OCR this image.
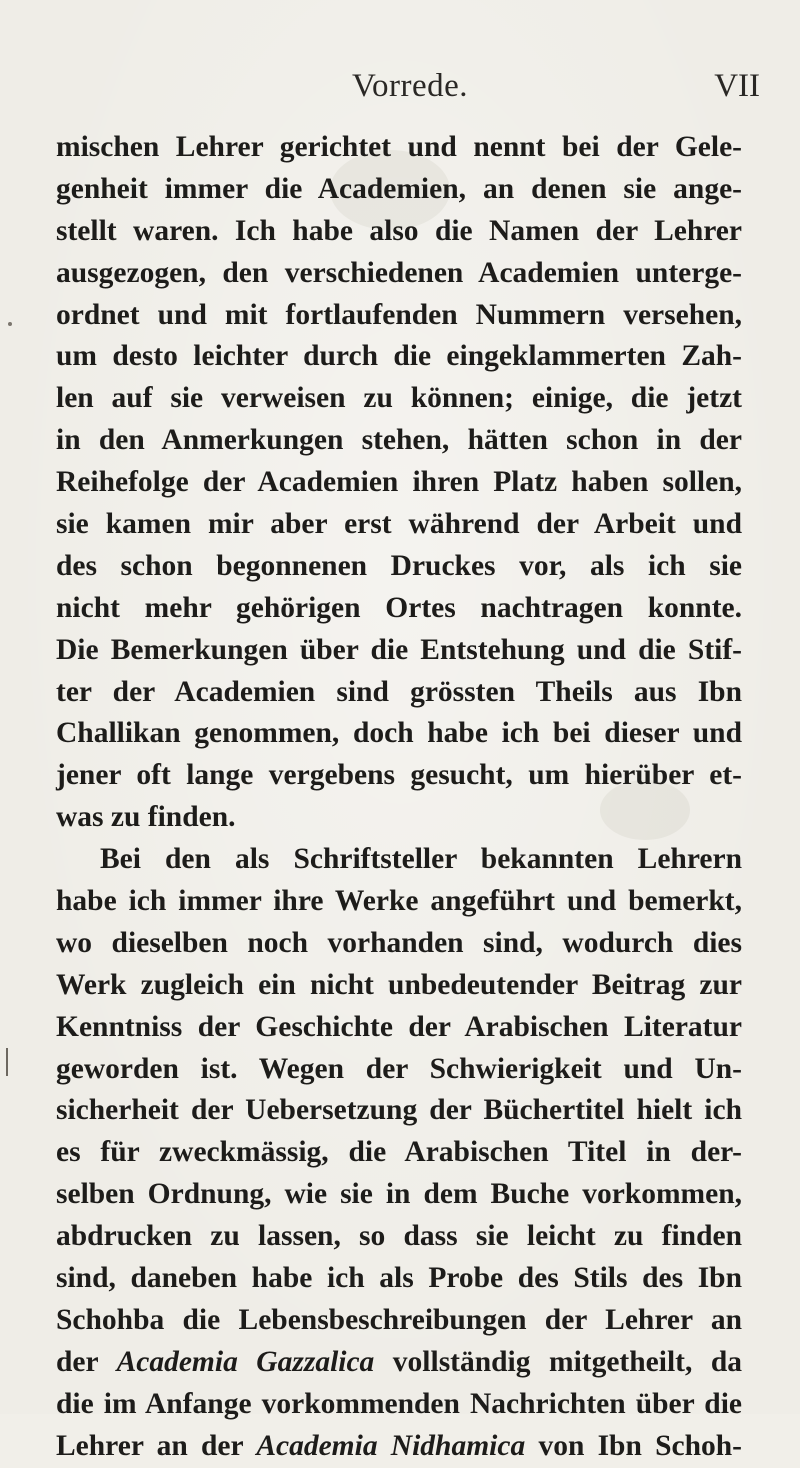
Vorrede.	VII
mischen Lehrer gerichtet und nennt bei der Gele-
genheit immer die Academien, an denen sie ange-
stellt waren. Ich habe also die Namen der Lehrer
ausgezogen, den verschiedenen Academien unterge-
ordnet und mit fortlaufenden Nummern versehen,
um desto leichter durch die eingeklammerten Zah-
len auf sie verweisen zu können; einige, die jetzt
in den Anmerkungen stehen, hätten schon in der
Reihefolge der Academien ihren Platz haben sollen,
sie kamen mir aber erst während der Arbeit und
des schon begonnenen Druckes vor, als ich sie
nicht mehr gehörigen Ortes nachtragen konnte.
Die Bemerkungen über die Entstehung und die Stif-
ter der Academien sind grössten Theils aus Ibn
Challikan genommen, doch habe ich bei dieser und
jener oft lange vergebens gesucht, um hierüber et-
was zu finden.
Bei den als Schriftsteller bekannten Lehrern
habe ich immer ihre Werke angeführt und bemerkt,
wo dieselben noch vorhanden sind, wodurch dies
Werk zugleich ein nicht unbedeutender Beitrag zur
Kenntniss der Geschichte der Arabischen Literatur
geworden ist. Wegen der Schwierigkeit und Un-
sicherheit der Uebersetzung der Büchertitel hielt ich
es für zweckmässig, die Arabischen Titel in der-
selben Ordnung, wie sie in dem Buche vorkommen,
abdrucken zu lassen, so dass sie leicht zu finden
sind, daneben habe ich als Probe des Stils des Ibn
Schohba die Lebensbeschreibungen der Lehrer an
der Academia Gazzalica vollständig mitgetheilt, da
die im Anfange vorkommenden Nachrichten über die
Lehrer an der Academia Nidhamica von Ibn Schoh-
